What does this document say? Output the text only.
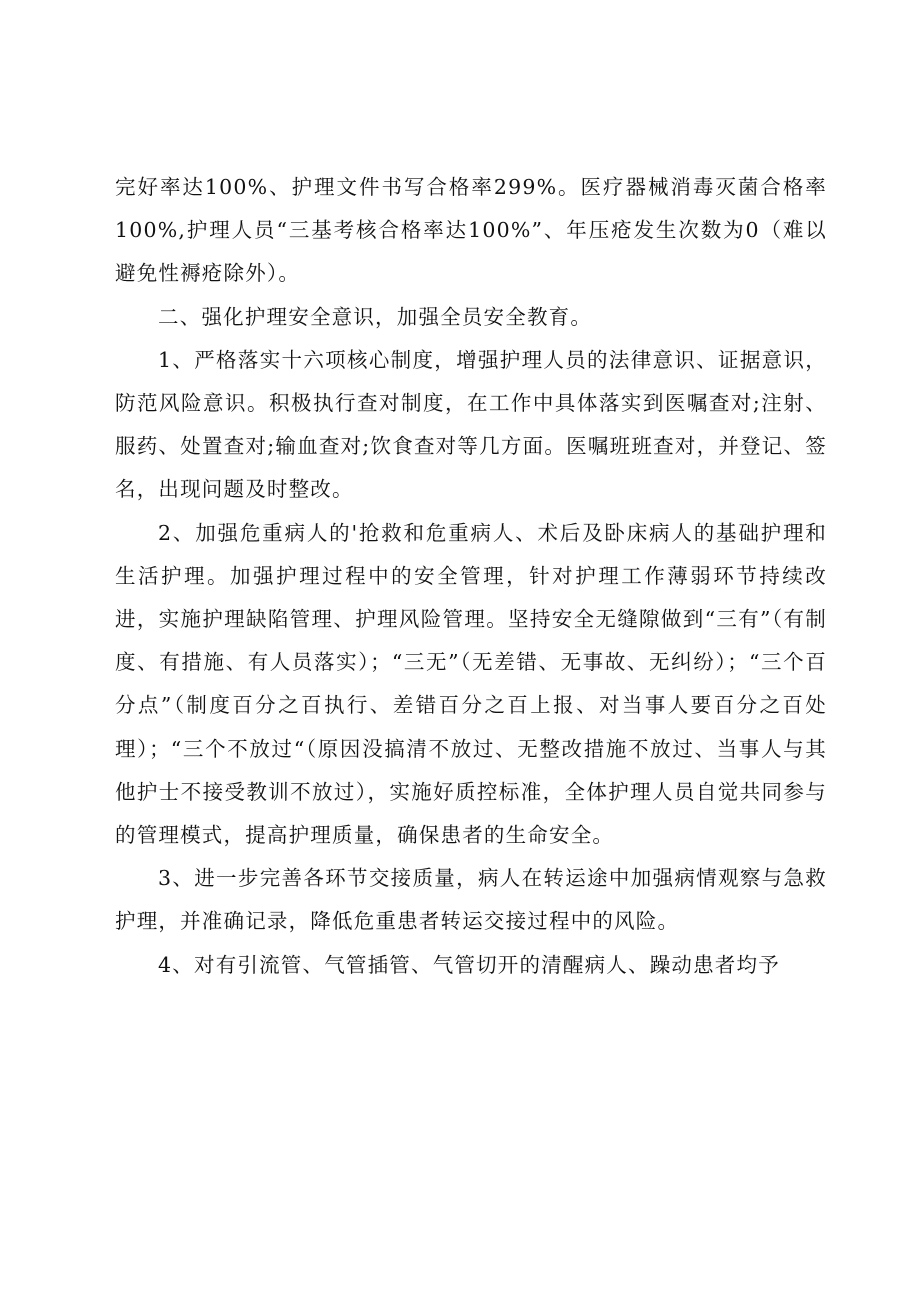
完好率达100%、护理文件书写合格率299%。医疗器械消毒灭菌合格率100%,护理人员“三基考核合格率达100%”、年压疮发生次数为0（难以避免性褥疮除外）。

二、强化护理安全意识，加强全员安全教育。

1、严格落实十六项核心制度，增强护理人员的法律意识、证据意识，防范风险意识。积极执行查对制度，在工作中具体落实到医嘱查对;注射、服药、处置查对;输血查对;饮食查对等几方面。医嘱班班查对，并登记、签名，出现问题及时整改。

2、加强危重病人的'抢救和危重病人、术后及卧床病人的基础护理和生活护理。加强护理过程中的安全管理，针对护理工作薄弱环节持续改进，实施护理缺陷管理、护理风险管理。坚持安全无缝隙做到“三有”（有制度、有措施、有人员落实）；“三无”（无差错、无事故、无纠纷）；“三个百分点”（制度百分之百执行、差错百分之百上报、对当事人要百分之百处理）；“三个不放过“（原因没搞清不放过、无整改措施不放过、当事人与其他护士不接受教训不放过），实施好质控标准，全体护理人员自觉共同参与的管理模式，提高护理质量，确保患者的生命安全。

3、进一步完善各环节交接质量，病人在转运途中加强病情观察与急救护理，并准确记录，降低危重患者转运交接过程中的风险。

4、对有引流管、气管插管、气管切开的清醒病人、躁动患者均予
